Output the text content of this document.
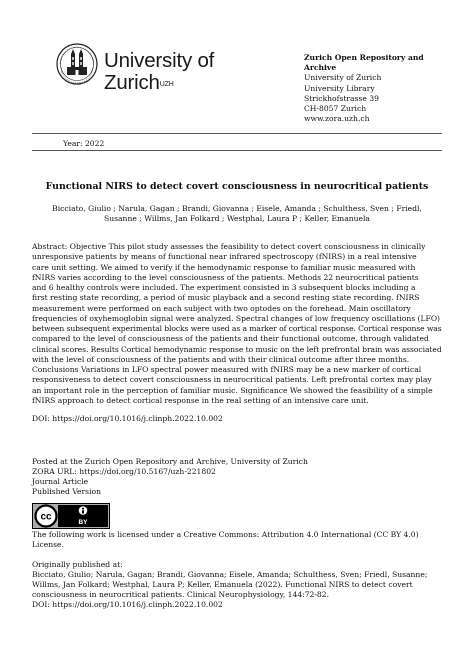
University of
Zurich$^{UZH}$
Zurich Open Repository and
Archive
University of Zurich
University Library
Strickhofstrasse 39
CH-8057 Zurich
www.zora.uzh.ch
Year: 2022
Functional NIRS to detect covert consciousness in neurocritical patients
Bicciato, Giulio ; Narula, Gagan ; Brandi, Giovanna ; Eisele, Amanda ; Schulthess, Sven ; Friedl,
Susanne ; Willms, Jan Folkard ; Westphal, Laura P ; Keller, Emanuela
Abstract: Objective This pilot study assesses the feasibility to detect covert consciousness in clinically
unresponsive patients by means of functional near infrared spectroscopy (fNIRS) in a real intensive
care unit setting. We aimed to verify if the hemodynamic response to familiar music measured with
fNIRS varies according to the level consciousness of the patients. Methods 22 neurocritical patients
and 6 healthy controls were included. The experiment consisted in 3 subsequent blocks including a
first resting state recording, a period of music playback and a second resting state recording. fNIRS
measurement were performed on each subject with two optodes on the forehead. Main oscillatory
frequencies of oxyhemoglobin signal were analyzed. Spectral changes of low frequency oscillations (LFO)
between subsequent experimental blocks were used as a marker of cortical response. Cortical response was
compared to the level of consciousness of the patients and their functional outcome, through validated
clinical scores. Results Cortical hemodynamic response to music on the left prefrontal brain was associated
with the level of consciousness of the patients and with their clinical outcome after three months.
Conclusions Variations in LFO spectral power measured with fNIRS may be a new marker of cortical
responsiveness to detect covert consciousness in neurocritical patients. Left prefrontal cortex may play
an important role in the perception of familiar music. Significance We showed the feasibility of a simple
fNIRS approach to detect cortical response in the real setting of an intensive care unit.
DOI: https://doi.org/10.1016/j.clinph.2022.10.002
Posted at the Zurich Open Repository and Archive, University of Zurich
ZORA URL: https://doi.org/10.5167/uzh-221802
Journal Article
Published Version
cc
BY
The following work is licensed under a Creative Commons: Attribution 4.0 International (CC BY 4.0)
License.
Originally published at:
Bicciato, Giulio; Narula, Gagan; Brandi, Giovanna; Eisele, Amanda; Schulthess, Sven; Friedl, Susanne;
Willms, Jan Folkard; Westphal, Laura P; Keller, Emanuela (2022). Functional NIRS to detect covert
consciousness in neurocritical patients. Clinical Neurophysiology, 144:72-82.
DOI: https://doi.org/10.1016/j.clinph.2022.10.002
